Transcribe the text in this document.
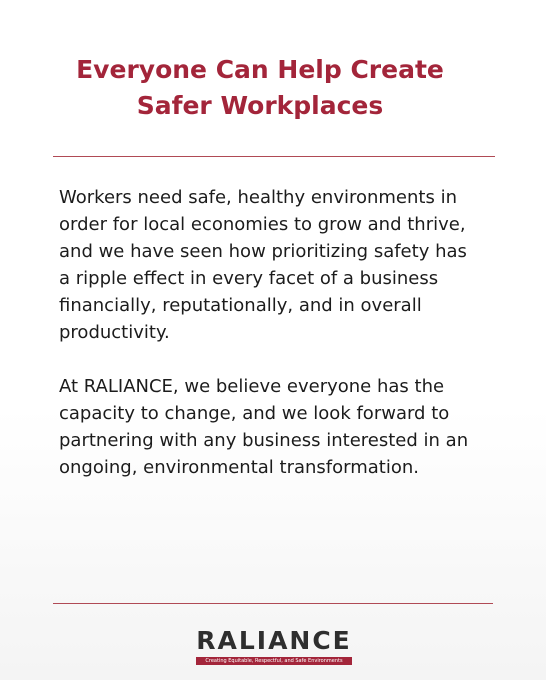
Everyone Can Help Create
Safer Workplaces

Workers need safe, healthy environments in
order for local economies to grow and thrive,
and we have seen how prioritizing safety has
a ripple effect in every facet of a business
financially, reputationally, and in overall
productivity.

At RALIANCE, we believe everyone has the
capacity to change, and we look forward to
partnering with any business interested in an
ongoing, environmental transformation.

RALIANCE
Creating Equitable, Respectful, and Safe Environments
